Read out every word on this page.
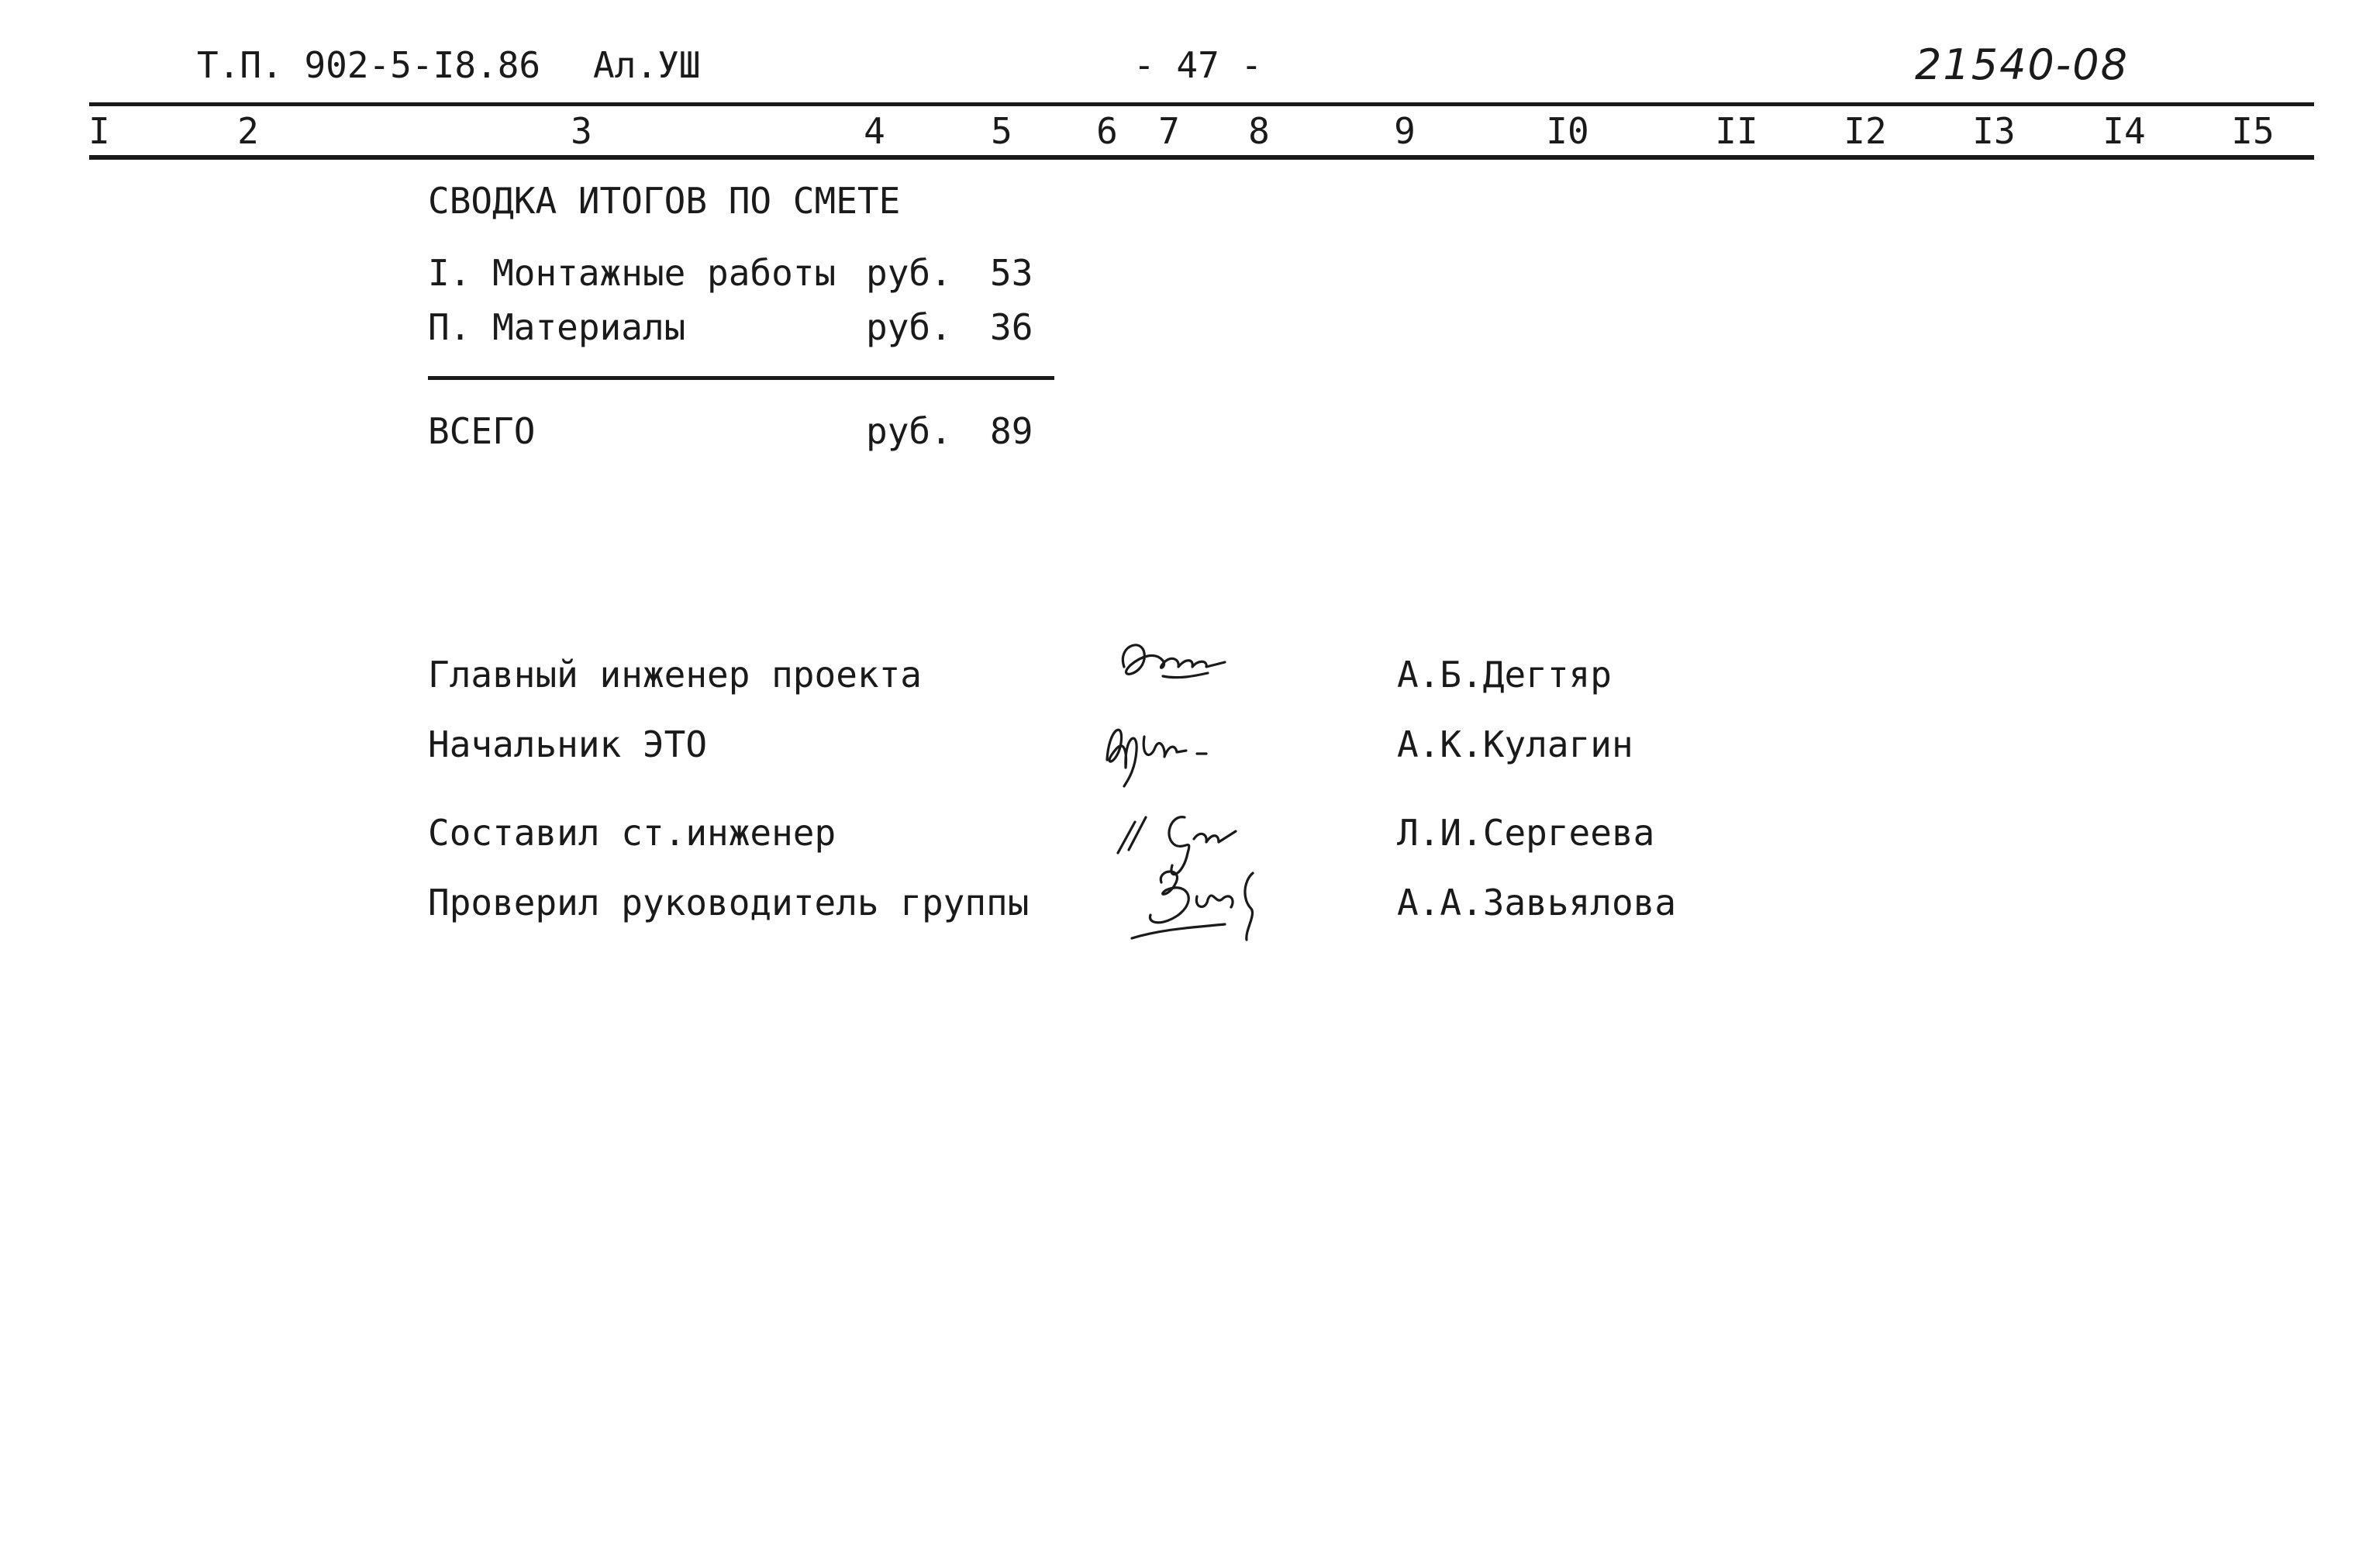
Т.П. 902-5-I8.86 Ал.УШ	- 47 -	21540-08
I	2	3	4	5 6 7 8	9	I0	II I2 I3 I4 I5
СВОДКА ИТОГОВ ПО СМЕТЕ
I. Монтажные работы руб. 53
П. Материалы	руб. 36
ВСЕГО	руб. 89
Главный инженер проекта	А.Б.Дегтяр
Начальник ЭТО	А.К.Кулагин
Составил ст.инженер	Л.И.Сергеева
Проверил руководитель группы	А.А.Завьялова
